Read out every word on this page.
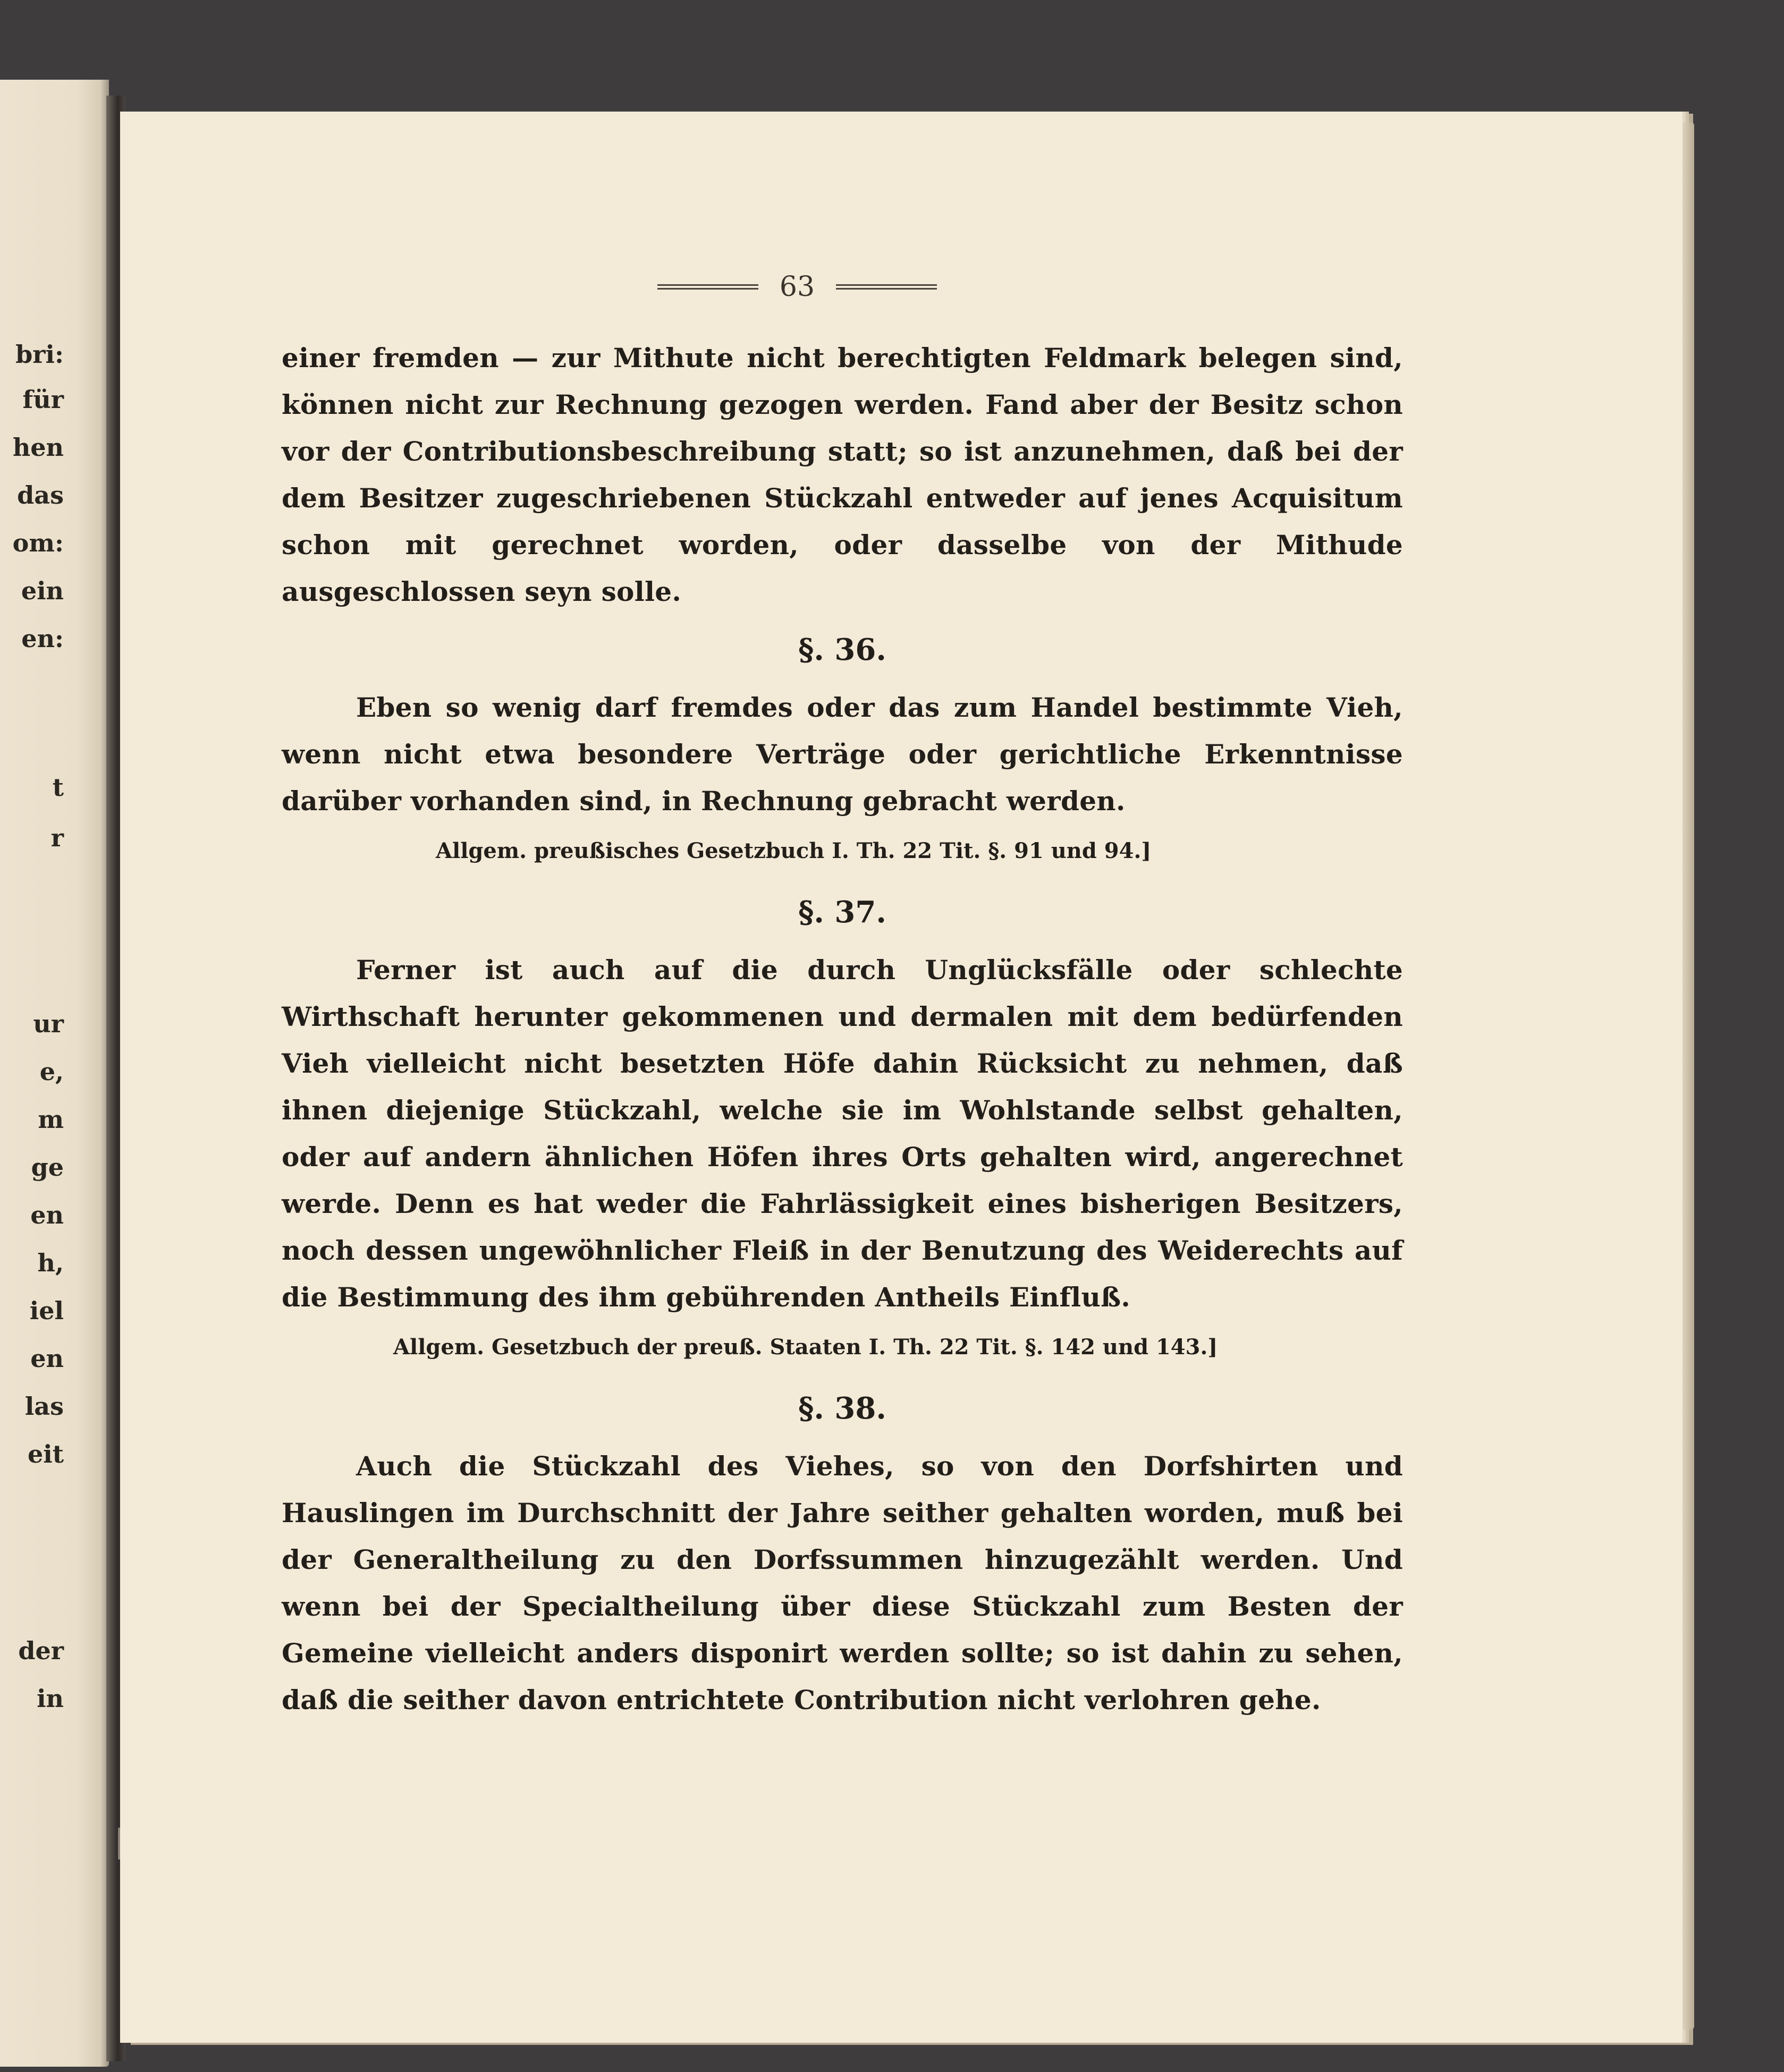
bri:
für
hen
das
om:
ein
en:
t
r
ur
e,
m
ge
en
h,
iel
en
las
eit
der
in
63

einer fremden — zur Mithute nicht berechtigten Feldmark belegen sind, können nicht zur Rechnung gezogen werden. Fand aber der Besitz schon vor der Contributionsbeschreibung statt; so ist anzunehmen, daß bei der dem Besitzer zugeschriebenen Stückzahl entweder auf jenes Acquisitum schon mit gerechnet worden, oder dasselbe von der Mithude ausgeschlossen seyn solle.

§. 36.

Eben so wenig darf fremdes oder das zum Handel bestimmte Vieh, wenn nicht etwa besondere Verträge oder gerichtliche Erkenntnisse darüber vorhanden sind, in Rechnung gebracht werden.

Allgem. preußisches Gesetzbuch I. Th. 22 Tit. §. 91 und 94.]

§. 37.

Ferner ist auch auf die durch Unglücksfälle oder schlechte Wirthschaft herunter gekommenen und dermalen mit dem bedürfenden Vieh vielleicht nicht besetzten Höfe dahin Rücksicht zu nehmen, daß ihnen diejenige Stückzahl, welche sie im Wohlstande selbst gehalten, oder auf andern ähnlichen Höfen ihres Orts gehalten wird, angerechnet werde. Denn es hat weder die Fahrlässigkeit eines bisherigen Besitzers, noch dessen ungewöhnlicher Fleiß in der Benutzung des Weiderechts auf die Bestimmung des ihm gebührenden Antheils Einfluß.

Allgem. Gesetzbuch der preuß. Staaten I. Th. 22 Tit. §. 142 und 143.]

§. 38.

Auch die Stückzahl des Viehes, so von den Dorfshirten und Hauslingen im Durchschnitt der Jahre seither gehalten worden, muß bei der Generaltheilung zu den Dorfssummen hinzugezählt werden. Und wenn bei der Specialtheilung über diese Stückzahl zum Besten der Gemeine vielleicht anders disponirt werden sollte; so ist dahin zu sehen, daß die seither davon entrichtete Contribution nicht verlohren gehe.
